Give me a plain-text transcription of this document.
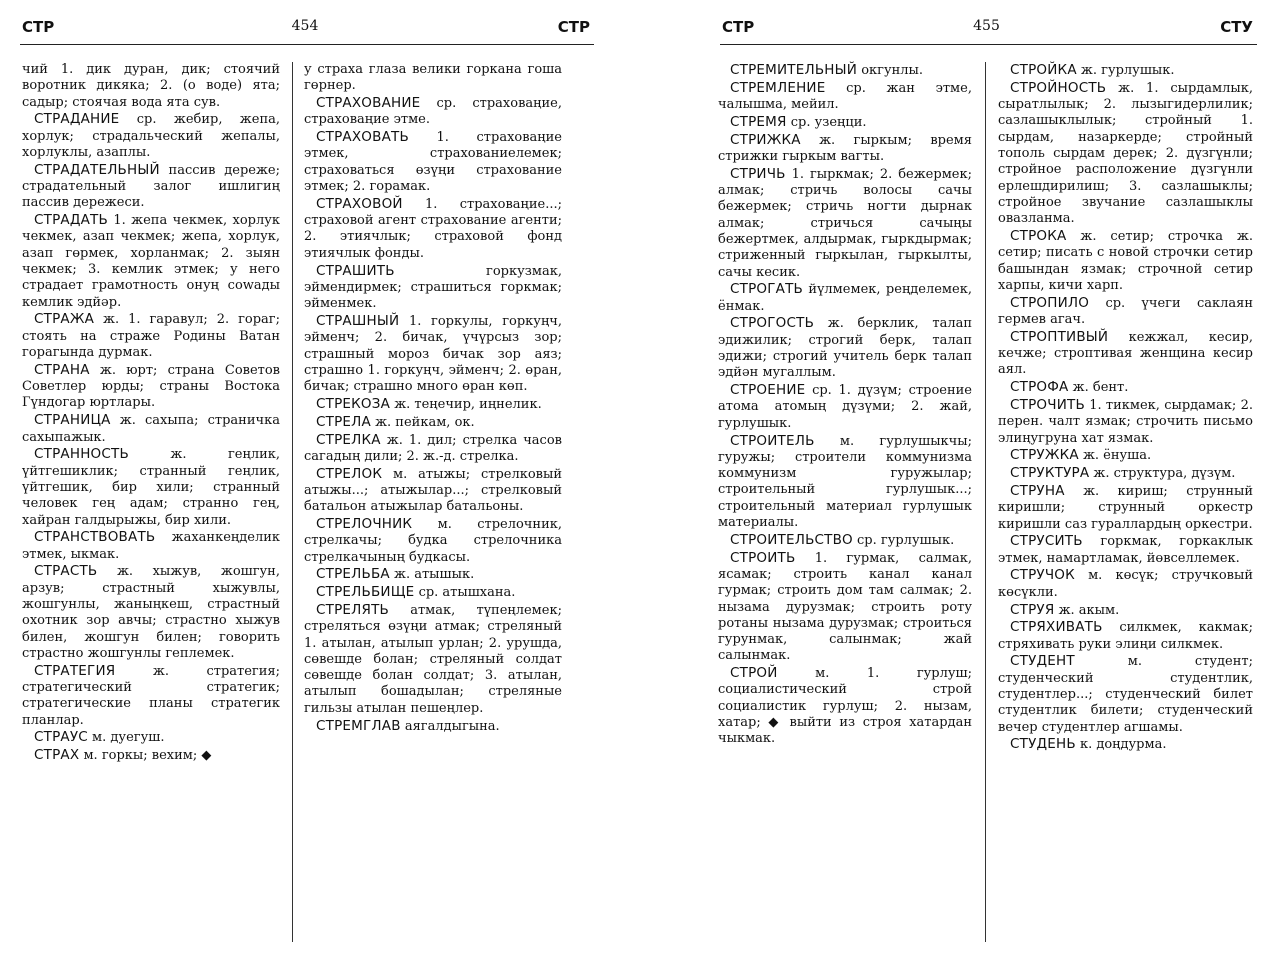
СТР	454	СТР

чий 1. дик дуран, дик; стоячий воротник дикяка; 2. (о воде) ята; садыр; стоячая вода ята сув.

СТРАДАНИЕ ср. жебир, жепа, хорлук; страдальческий жепалы, хорлуклы, азаплы.

СТРАДАТЕЛЬНЫЙ пассив дережe; страдательный залог ишлигиң пассив дережеси.

СТРАДАТЬ 1. жепа чекмек, хорлук чекмек, азап чекмек; жепа, хорлук, азап гөрмек, хорланмак; 2. зыян чекмек; 3. кемлик этмек; у него страдает грамотность онуң сowады кемлик эдйәр.

СТРАЖА ж. 1. гаравул; 2. гораг; стоять на страже Родины Ватан горагында дурмак.

СТРАНА ж. юрт; страна Советов Советлер юрды; страны Востока Гүндогар юртлары.

СТРАНИЦА ж. сахыпа; страничка сахыпажык.

СТРАННОСТЬ	ж. геңлик, үйтгешиклик; странный геңлик, үйтгешик, бир хили; странный человек гең адам; странно гең, хайран галдырыжы, бир хили.

СТРАНСТВОВАТЬ жаханкеңделик этмек, ыкмак.

СТРАСТЬ ж. хыжув, жошгун, арзув; страстный хыжувлы, жошгунлы, жаныңкеш, страстный охотник зор авчы; страстно хыжув билен, жошгун билен; говорить страстно жошгунлы геплемек.

СТРАТЕГИЯ	ж. стратегия; стратегический стратегик; стратегические планы стратегик планлар.

СТРАУС м. дуегуш.

СТРАХ м. горкы; вехим; ◆

у страха глаза велики горкана гоша гөрнер.

СТРАХОВАНИЕ ср. страховаңие, страховаңие этме.

СТРАХОВАТЬ 1. страховаңие этмек, страхованиелемек; страховаться өзүңи страхование этмек; 2. горамак.

СТРАХОВОЙ 1. страховаңие...; страховой агент страхование агенти; 2. этиячлык; страховой фонд этиячлык фонды.

СТРАШИТЬ	горкузмак, эймендирмек; страшиться горкмак; эйменмек.

СТРАШНЫЙ 1. горкулы, горкуңч, эйменч; 2. бичак, үчүрсыз зор; страшный мороз бичак зор аяз; страшно 1. горкуңч, эйменч; 2. өран, бичак; страшно много өран көп.

СТРЕКОЗА ж. теңечир, иңнелик.

СТРЕЛА ж. пейкам, ок.

СТРЕЛКА ж. 1. дил; стрелка часов сагадың дили; 2. ж.-д. стрелка.

СТРЕЛОК м. атыжы; стрелковый атыжы...; атыжылар...; стрелковый батальон атыжылар батальоны.

СТРЕЛОЧНИК м. стрелочник, стрелкачы; будка стрелочника стрелкачының будкасы.

СТРЕЛЬБА ж. атышык.

СТРЕЛЬБИЩЕ ср. атышхана.

СТРЕЛЯТЬ атмак, түпеңлемек; стреляться өзүңи атмак; стреляный 1. атылан, атылып урлан; 2. урушда, сөвешде болан; стреляный солдат сөвешде болан солдат; 3. атылан, атылып бошадылан; стреляные гильзы атылан пешеңлер.

СТРЕМГЛАВ аягалдыгына.

СТР	455	СТУ

СТРЕМИТЕЛЬНЫЙ окгунлы.

СТРЕМЛЕНИЕ ср. жан этме, чалышма, мейил.

СТРЕМЯ ср. узеңци.

СТРИЖКА ж. гыркым; время стрижки гыркым вагты.

СТРИЧЬ 1. гыркмак; 2. бежермек; алмак; стричь волосы сачы бежермек; стричь ногти дырнак алмак; стричься сачыңы бежертмек, алдырмак, гыркдырмак; стриженный гыркылан, гыркылты, сачы кесик.

СТРОГАТЬ йүлмемек, рeңделемек, ёнмак.

СТРОГОСТЬ ж. берклик, талап эдижилик; строгий берк, талап эдижи; строгий учитель берк талап эдйән мугаллым.

СТРОЕНИЕ ср. 1. дүзүм; строение атома атомың дүзүми; 2. жай, гурлушык.

СТРОИТЕЛЬ м. гурлушыкчы; гуружы; строители коммунизма коммунизм гуружылар; строительный гурлушык...; строительный материал гурлушык материалы.

СТРОИТЕЛЬСТВО ср. гурлушык.

СТРОИТЬ 1. гурмак, салмак, ясамак; строить канал канал гурмак; строить дом там салмак; 2. нызама дурузмак; строить роту ротаны нызама дурузмак; строиться гурунмак, салынмак; жай салынмак.

СТРОЙ	м. 1. гурлуш; социалистический строй социалистик гурлуш; 2. нызам, хатар; ◆ выйти из строя хатардан чыкмак.

СТРОЙКА ж. гурлушык.

СТРОЙНОСТЬ ж. 1. сырдамлык, сыратлылык; 2. лызыгидерлилик; сазлашыклылык; стройный 1. сырдам, назаркерде; стройный тополь сырдам дерек; 2. дүзгүнли; стройное расположение дүзгүнли ерлешдирилиш; 3. сазлашыклы; стройное звучание сазлашыклы овазланма.

СТРОКА ж. сетир; строчка ж. сетир; писать с новой строчки сетир башындан язмак; строчной сетир харпы, кичи харп.

СТРОПИЛО ср. үчеги саклаян гермев агач.

СТРОПТИВЫЙ кежжал, кесир, кечже; строптивая женщина кесир аял.

СТРОФА ж. бент.

СТРОЧИТЬ 1. тикмек, сырдамак; 2. перен. чалт язмак; строчить письмо элиңугруна хат язмак.

СТРУЖКА ж. ёнуша.

СТРУКТУРА ж. структура, дүзүм.

СТРУНА ж. кириш; струнный киришли; струнный оркестр киришли саз гураллардың оркестри.

СТРУСИТЬ горкмак, горкаклык этмек, намартламак, йөвселлемек.

СТРУЧОК м. көсүк; стручковый көсүкли.

СТРУЯ ж. акым.

СТРЯХИВАТЬ силкмек, какмак; стряхивать руки элиңи силкмек.

СТУДЕНТ	м. студент; студенческий студентлик, студентлер...; студенческий билет студентлик билети; студенческий вечер студентлер агшамы.

СТУДЕНЬ к. доңдурма.
